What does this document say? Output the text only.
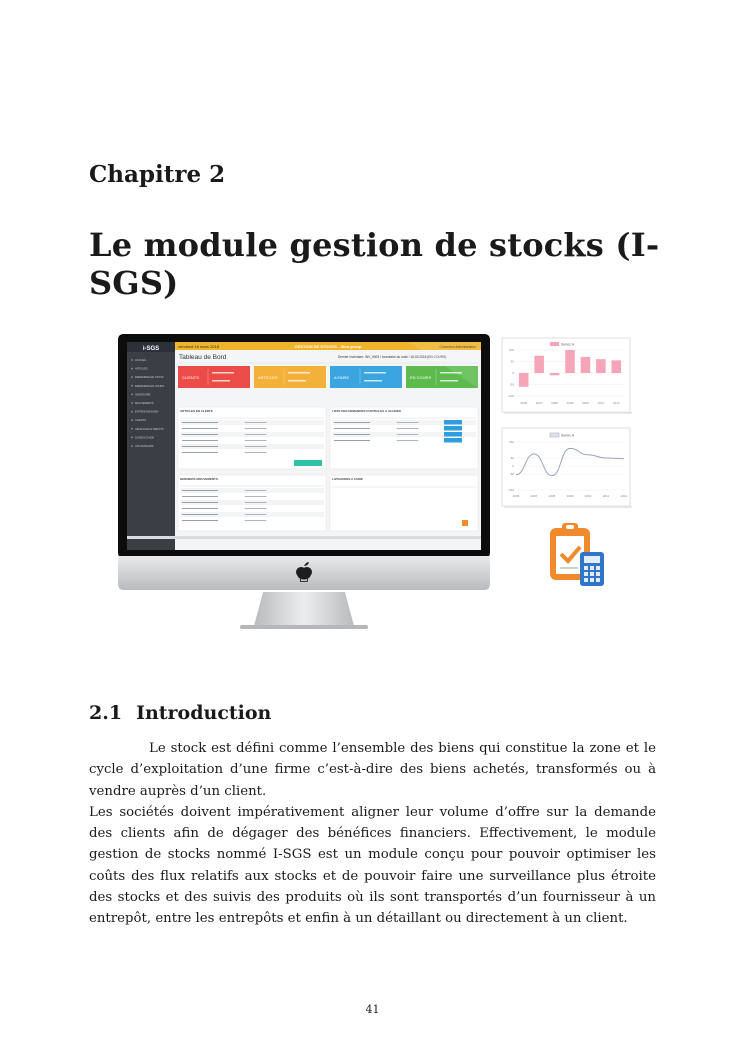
Chapitre 2
Le module gestion de stocks (I-SGS)
i-SGS
ACCUEIL
ARTICLES
DEMANDES DE STOCK
DEMANDES EN COURS
INVENTAIRE
MOUVEMENTS
ENTREE MAGASIN
CLIENTS
VEHICULES & DEPOTS
GUIDES D'AIDE
UTILISATEURS
vendredi 16 mars 2018	GESTION DE STOCKS - Sina group	Connexion Administrateur
Tableau de Bord	Dernier inventaire: INV_0009 / Inventaire du mois / 16.03.2018 (EN COURS)
CLIENTS	ARTICLES	A FAIRE	EN COURS
ARTICLES EN ALERTE	LISTE DES DEMANDES D'ARTICLES A VALIDER
DERNIERS MOUVEMENTS	LIVRAISONS A FAIRE
Series A
-100
-50
0
50
100
2006	2007	2008	2009	2010	2011	2012
Series A
-150
-50
0
50
150
2006	2007	2008	2009	2010	2011	2012
2.1 Introduction

Le stock est défini comme l’ensemble des biens qui constitue la zone et le cycle d’exploitation d’une firme c’est-à-dire des biens achetés, transformés ou à vendre auprès d’un client.

Les sociétés doivent impérativement aligner leur volume d’offre sur la demande des clients afin de dégager des bénéfices financiers. Effectivement, le module gestion de stocks nommé I-SGS est un module conçu pour pouvoir optimiser les coûts des flux relatifs aux stocks et de pouvoir faire une surveillance plus étroite des stocks et des suivis des produits où ils sont transportés d’un fournisseur à un entrepôt, entre les entrepôts et enfin à un détaillant ou directement à un client.

41
